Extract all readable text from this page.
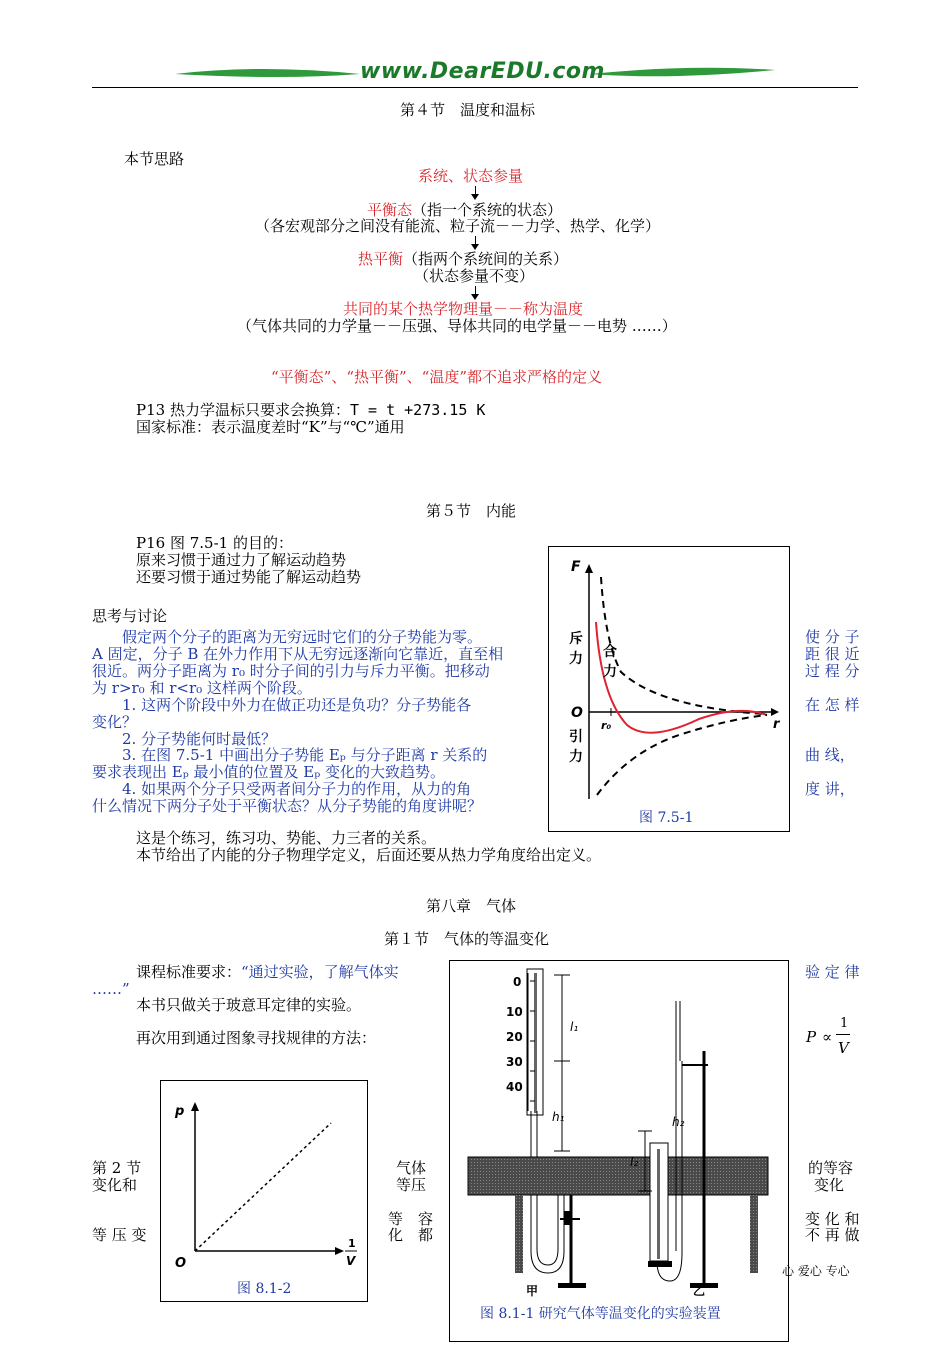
www.DearEDU.com
第４节　温度和温标
本节思路
系统、状态参量
平衡态（指一个系统的状态）
（各宏观部分之间没有能流、粒子流－－力学、热学、化学）
热平衡（指两个系统间的关系）
（状态参量不变）
共同的某个热学物理量－－称为温度
（气体共同的力学量－－压强、导体共同的电学量－－电势 ……）
“平衡态”、“热平衡”、“温度”都不追求严格的定义
P13 热力学温标只要求会换算：T = t +273.15 K
国家标准：表示温度差时“K”与“℃”通用
第５节　内能
P16 图 7.5-1 的目的：
原来习惯于通过力了解运动趋势
还要习惯于通过势能了解运动趋势
思考与讨论
　　假定两个分子的距离为无穷远时它们的分子势能为零。
A 固定，分子 B 在外力作用下从无穷远逐渐向它靠近，直至相
很近。两分子距离为 r₀ 时分子间的引力与斥力平衡。把移动
为 r>r₀ 和 r<r₀ 这样两个阶段。
　　1. 这两个阶段中外力在做正功还是负功？分子势能各
变化？
　　2. 分子势能何时最低？
　　3. 在图 7.5-1 中画出分子势能 Eₚ 与分子距离 r 关系的
要求表现出 Eₚ 最小值的位置及 Eₚ 变化的大致趋势。
　　4. 如果两个分子只受两者间分子力的作用，从力的角
什么情况下两分子处于平衡状态？从分子势能的角度讲呢？
使 分 子
距 很 近
过 程 分
在 怎 样
曲 线，
度 讲，
F
r
O
r₀
斥
力
引
力
合
力
图 7.5-1
这是个练习，练习功、势能、力三者的关系。
本节给出了内能的分子物理学定义，后面还要从热力学角度给出定义。
第八章　气体
第１节　气体的等温变化
课程标准要求：“通过实验，了解气体实
……”
验 定 律
本书只做关于玻意耳定律的实验。
再次用到通过图象寻找规律的方法：	P ∝
1
V
p
O
1
V
图 8.1-2
0
10
20
30
40
l₁
h₁	h₂
l₂
甲	乙
图 8.1-1 研究气体等温变化的实验装置
第 2 节
变化和
等 压 变
气体
等压
等　容
化　都
的等容
变化
变 化 和
不 再 做
心 爱心 专心
